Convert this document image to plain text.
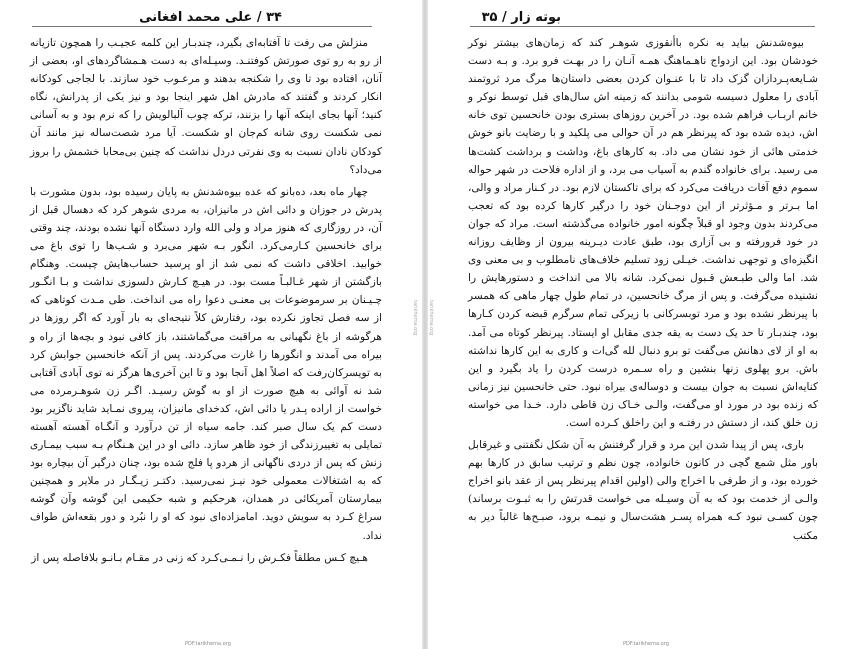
۳۴ / علی محمد افغانی

منزلش می رفت تا آفتابه‌ای بگیرد، چندبـار این کلمه عجیـب را همچون تازیانه از رو به رو توی صورتش کوفتنـد. وسیـله‌ای به دست هـمشاگردهای او، بعضی از آنان، افتاده بود تا وی را شکنجه بدهند و مرعـوب خود سازند. با لجاجی کودکانه انکار کردند و گفتند که مادرش اهل شهر اینجا بود و نیز یکی از پدرانش، نگاه کنید؛ آنها بجای اینکه آنها را بزنند، ترکه چوب آلبالویش را که نرم بود و به آسانی نمی شکست روی شانه کم‌جان او شکست. آیا مرد شصت‌ساله نیز مانند آن کودکان نادان نسبت به وی نفرتی دردل نداشت که چنین بی‌محابا خشمش را بروز می‌داد؟

چهار ماه بعد، ده‌بانو که عده بیوه‌شدنش به پایان رسیده بود، بدون مشورت با پدرش در جوزان و دائی اش در مانیزان، به مردی شوهر کرد که دهسال قبل از آن، در روزگاری که هنوز مراد و ولی الله وارد دستگاه آنها نشده بودند، چند وقتی برای خانحسین کـارمی‌کرد. انگور بـه شهر می‌برد و شـب‌ها را توی باغ می خوابید. اخلاقی داشت که نمی شد از او پرسید حساب‌هایش چیست. وهنگام بازگشتن از شهر غـالبـاً مست بود. در هیـچ کـارش دلسوزی نداشت و بـا انگـور چـیـنان بر سرموضوعات بی معنـی دعوا راه می انداخت. طی مـدت کوتاهی که از سه فصل تجاوز نکرده بود، رفتارش کلاً نتیجه‌ای به بار آورد که اگر روزها در هرگوشه از باغ نگهبانی به مراقبت می‌گماشتند، باز کافی نبود و بچه‌ها از راه و بیراه می آمدند و انگورها را غارت می‌کردند. پس از آنکه خانحسین جوابش کرد به تویسرکان‌رفت که اصلاً اهل آنجا بود و تا این آخری‌ها هرگز نه توی آبادی آفتابی شد نه آوائی به هیچ صورت از او به گوش رسیـد. اگـر زن شوهـرمرده می خواست از اراده پـدر یا دائی اش، کدخدای مانیزان، پیروی نمـاید شاید ناگزیر بود دست کم یک سال صبر کند. جامه سیاه از تن درآورد و آنگـاه آهسته آهسته تمایلی به تغییرزندگی از خود ظاهر سازد. دائی او در این هـنگام بـه سبب بیمـاری زنش که پس از دردی ناگهانی از هردو پا فلج شده بود، چنان درگیر آن بیچاره بود که به اشتغالات معمولی خود نیـز نمی‌رسید. دکتـر زیـگـار در ملایر و همچنین بیمارستان آمریکائی در همدان، هرحکیم و شبه حکیمی این گوشه وآن گوشه سراغ کـرد به سویش دوید. امامزاده‌ای نبود که او را نبُرد و دور بقعه‌اش طواف نداد.

هـیچ کـس مطلقاً فکـرش را نـمـی‌کـرد که زنی در مقـام بـانـو بلافاصله پس از

tarikhema.org
PDF.tarikhema.org
بوته زار / ۳۵

بیوه‌شدنش بیاید به نکره باأنقوزی شوهـر کند که زمان‌های بیشتر نوکر خودشان بود. این ازدواج ناهـماهنگ همـه آنـان را در بهـت فرو برد. و بـه دست شـایعه‌پـردازان گزک داد تا با عنـوان کردن بعضی داستان‌ها مرگ مرد ثروتمند آبادی را معلول دسیسه شومی بدانند که زمینه اش سال‌های قبل توسط نوکر و خانم اربـاب فراهم شده بود. در آخرین روزهای بستری بودن خانحسین توی خانه اش، دیده شده بود که پیرنظر هم در آن حوالی می پلکید و با رضایت بانو خوش خدمتی هائی از خود نشان می داد. به کارهای باغ، وداشت و برداشت کشت‌ها می رسید. برای خانواده گندم به آسیاب می برد، و از اداره فلاحت در شهر حواله سموم دفع آفات دریافت می‌کرد که برای تاکستان لازم بود. در کـنار مراد و والی، اما بـرتر و مـؤثرتر از این دوجـنان خود را درگیر کارها کرده بود که تعجب می‌کردند بدون وجود او قبلاً چگونه امور خانواده می‌گذشته است. مراد که جوان در خود فرورفته و بی آزاری بود، طبق عادت دیـرینه بیرون از وظایف روزانه انگیزه‌ای و توجهی نداشت. خیـلی زود تسلیم خلاف‌های نامطلوب و بی معنی وی شد. اما والی طبـعش قـبول نمی‌کرد. شانه بالا می انداخت و دستورهایش را نشنیده می‌گرفت. و پس از مرگ خانحسین، در تمام طول چهار ماهی که همسر با پیرنظر نشده بود و مرد توبسرکانی با زیرکی تمام سرگرم قبضه کردن کـارها بود، چندبـار تا حد یک دست به یقه جدی مقابل او ایستاد. پیرنظر کوتاه می آمد. به او از لای دهانش می‌گفت تو برو دنبال لله گی‌ات و کاری به این کارها نداشته باش. برو پهلوی زنها بنشین و راه سـمره درست کردن را یاد بگیرد و این کنایه‌اش نسبت به جوان بیست و دوساله‌ی بیراه نبود. حتی خانحسین نیز زمانی که زنده بود در مورد او می‌گفت، والـی خـاک زن قاطی دارد. خـدا می خواسته زن خلق کند، از دستش در رفتـه و این راخلق کـرده است.

باری، پس از پیدا شدن این مرد و قرار گرفتنش به آن شکل نگفتنی و غیرقابل باور مثل شمع گچی در کانون خانواده، چون نظم و ترتیب سابق در کارها بهم خورده بود، و از طرفی با اخراج والی (اولین اقدام پیرنظر پس از عقد بانو اخراج والـی از خدمت بود که به آن وسیـله می خواست قدرتش را به ثبـوت برساند) چون کسـی نبود کـه همراه پسـر هشت‌سال و نیمـه برود، صبـح‌ها غالباً دیر به مکتب

tarikhema.org
PDF.tarikhema.org
